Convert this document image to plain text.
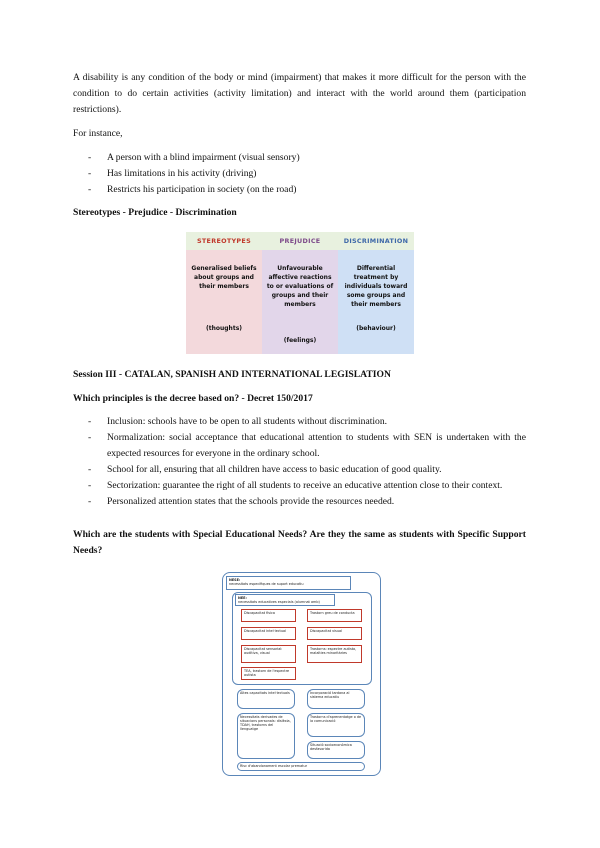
A disability is any condition of the body or mind (impairment) that makes it more difficult for the person with the condition to do certain activities (activity limitation) and interact with the world around them (participation restrictions).

For instance,

- A person with a blind impairment (visual sensory)
- Has limitations in his activity (driving)
- Restricts his participation in society (on the road)

Stereotypes - Prejudice - Discrimination

STEREOTYPES
Generalised beliefs about groups and their members
(thoughts)
PREJUDICE
Unfavourable affective reactions to or evaluations of groups and their members
(feelings)
DISCRIMINATION
Differential treatment by individuals toward some groups and their members
(behaviour)

Session III - CATALAN, SPANISH AND INTERNATIONAL LEGISLATION

Which principles is the decree based on? - Decret 150/2017

- Inclusion: schools have to be open to all students without discrimination.
- Normalization: social acceptance that educational attention to students with SEN is undertaken with the expected resources for everyone in the ordinary school.
- School for all, ensuring that all children have access to basic education of good quality.
- Sectorization: guarantee the right of all students to receive an educative attention close to their context.
- Personalized attention states that the schools provide the resources needed.

Which are the students with Special Educational Needs? Are they the same as students with Specific Support Needs?

NESE:
necessitats específiques de suport educatiu
NEE:
necessitats educatives especials (alumnat amb)
Discapacitat física	Trastorn greu de conducta
Discapacitat intel·lectual	Discapacitat visual
Discapacitat sensorial: auditiva, visual
Trastorns: espectre autista, malalties minoritàries
TEA, trastorn de l'espectre autista
Altes capacitats intel·lectuals	Incorporació tardana al sistema educatiu
Trastorns d'aprenentatge o de la comunicació
Situació socioeconòmica desfavorida
Necessitats derivades de situacions personals: dislèxia, TDAH, trastorns del llenguatge
Risc d'abandonament escolar prematur
